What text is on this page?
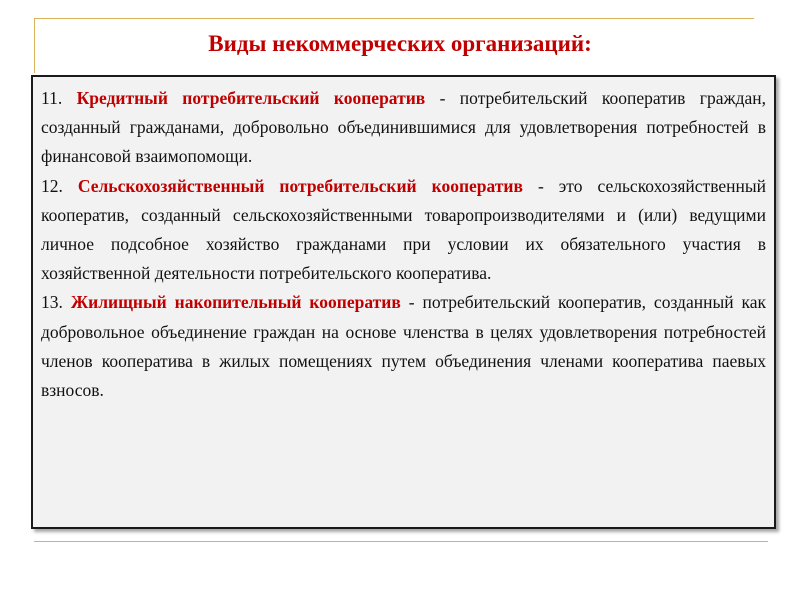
Виды некоммерческих организаций:

11. Кредитный потребительский кооператив - потребительский кооператив граждан, созданный гражданами, добровольно объединившимися для удовлетворения потребностей в финансовой взаимопомощи.

12. Сельскохозяйственный потребительский кооператив - это сельскохозяйственный кооператив, созданный сельскохозяйственными товаропроизводителями и (или) ведущими личное подсобное хозяйство гражданами при условии их обязательного участия в хозяйственной деятельности потребительского кооператива.

13. Жилищный накопительный кооператив - потребительский кооператив, созданный как добровольное объединение граждан на основе членства в целях удовлетворения потребностей членов кооператива в жилых помещениях путем объединения членами кооператива паевых взносов.
